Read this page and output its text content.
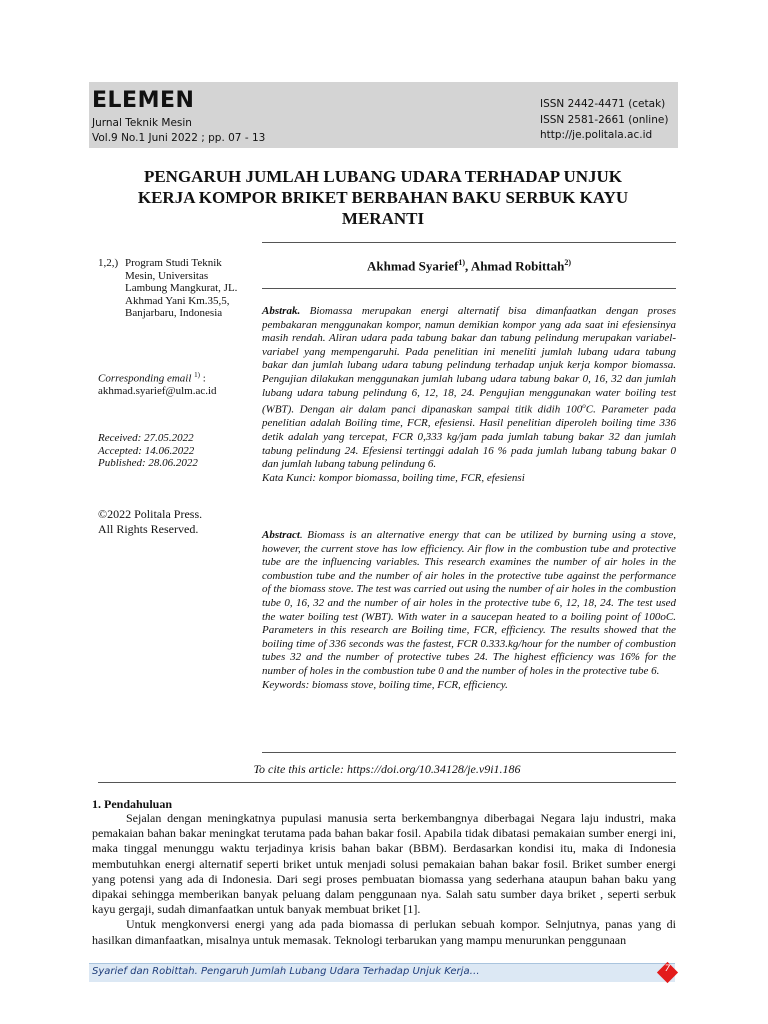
ELEMEN
Jurnal Teknik Mesin
Vol.9 No.1 Juni 2022 ; pp. 07 - 13
ISSN 2442-4471 (cetak)
ISSN 2581-2661 (online)
http://je.politala.ac.id
PENGARUH JUMLAH LUBANG UDARA TERHADAP UNJUK
KERJA KOMPOR BRIKET BERBAHAN BAKU SERBUK KAYU
MERANTI
1,2,) Program Studi Teknik
Mesin, Universitas
Lambung Mangkurat, JL.
Akhmad Yani Km.35,5,
Banjarbaru, Indonesia
Corresponding email $^{1)}$ :
akhmad.syarief@ulm.ac.id
Received: 27.05.2022
Accepted: 14.06.2022
Published: 28.06.2022
©2022 Politala Press.
All Rights Reserved.
Akhmad Syarief$^{1)}$, Ahmad Robittah$^{2)}$
Abstrak. Biomassa merupakan energi alternatif bisa dimanfaatkan dengan proses pembakaran menggunakan kompor, namun demikian kompor yang ada saat ini efesiensinya masih rendah. Aliran udara pada tabung bakar dan tabung pelindung merupakan variabel-variabel yang mempengaruhi. Pada penelitian ini meneliti jumlah lubang udara tabung bakar dan jumlah lubang udara tabung pelindung terhadap unjuk kerja kompor biomassa. Pengujian dilakukan menggunakan jumlah lubang udara tabung bakar 0, 16, 32 dan jumlah lubang udara tabung pelindung 6, 12, 18, 24. Pengujian menggunakan water boiling test (WBT). Dengan air dalam panci dipanaskan sampai titik didih 100$^o$C. Parameter pada penelitian adalah Boiling time, FCR, efesiensi. Hasil penelitian diperoleh boiling time 336 detik adalah yang tercepat, FCR 0,333 kg/jam pada jumlah tabung bakar 32 dan jumlah tabung pelindung 24. Efesiensi tertinggi adalah 16 % pada jumlah lubang tabung bakar 0 dan jumlah lubang tabung pelindung 6.
Kata Kunci: kompor biomassa, boiling time, FCR, efesiensi
Abstract. Biomass is an alternative energy that can be utilized by burning using a stove, however, the current stove has low efficiency. Air flow in the combustion tube and protective tube are the influencing variables. This research examines the number of air holes in the combustion tube and the number of air holes in the protective tube against the performance of the biomass stove. The test was carried out using the number of air holes in the combustion tube 0, 16, 32 and the number of air holes in the protective tube 6, 12, 18, 24. The test used the water boiling test (WBT). With water in a saucepan heated to a boiling point of 100oC. Parameters in this research are Boiling time, FCR, efficiency. The results showed that the boiling time of 336 seconds was the fastest, FCR 0.333.kg/hour for the number of combustion tubes 32 and the number of protective tubes 24. The highest efficiency was 16% for the number of holes in the combustion tube 0 and the number of holes in the protective tube 6.
Keywords: biomass stove, boiling time, FCR, efficiency.
To cite this article: https://doi.org/10.34128/je.v9i1.186
1. Pendahuluan

Sejalan dengan meningkatnya pupulasi manusia serta berkembangnya diberbagai Negara laju industri, maka pemakaian bahan bakar meningkat terutama pada bahan bakar fosil. Apabila tidak dibatasi pemakaian sumber energi ini, maka tinggal menunggu waktu terjadinya krisis bahan bakar (BBM). Berdasarkan kondisi itu, maka di Indonesia membutuhkan energi alternatif seperti briket untuk menjadi solusi pemakaian bahan bakar fosil. Briket sumber energi yang potensi yang ada di Indonesia. Dari segi proses pembuatan biomassa yang sederhana ataupun bahan baku yang dipakai sehingga memberikan banyak peluang dalam penggunaan nya. Salah satu sumber daya briket , seperti serbuk kayu gergaji, sudah dimanfaatkan untuk banyak membuat briket [1].

Untuk mengkonversi energi yang ada pada biomassa di perlukan sebuah kompor. Selnjutnya, panas yang di hasilkan dimanfaatkan, misalnya untuk memasak. Teknologi terbarukan yang mampu menurunkan penggunaan

Syarief dan Robittah. Pengaruh Jumlah Lubang Udara Terhadap Unjuk Kerja…	7
